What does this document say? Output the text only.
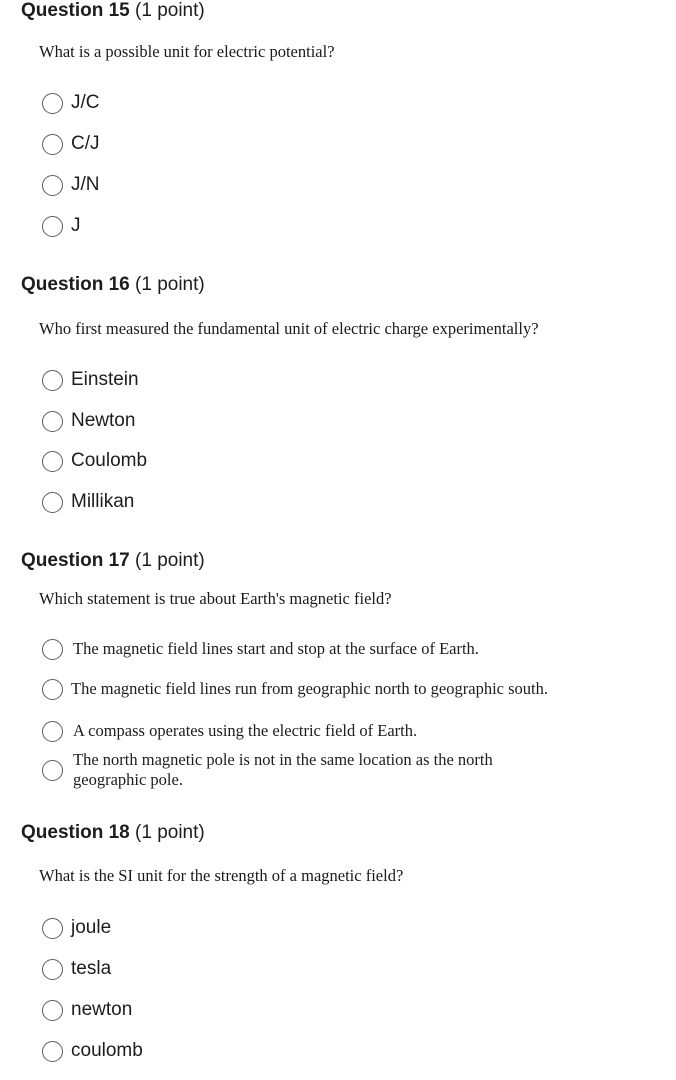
Question 15 (1 point)
What is a possible unit for electric potential?
J/C
C/J
J/N
J
Question 16 (1 point)
Who first measured the fundamental unit of electric charge experimentally?
Einstein
Newton
Coulomb
Millikan
Question 17 (1 point)
Which statement is true about Earth's magnetic field?
The magnetic field lines start and stop at the surface of Earth.
The magnetic field lines run from geographic north to geographic south.
A compass operates using the electric field of Earth.
The north magnetic pole is not in the same location as the north geographic pole.
Question 18 (1 point)
What is the SI unit for the strength of a magnetic field?
joule
tesla
newton
coulomb
